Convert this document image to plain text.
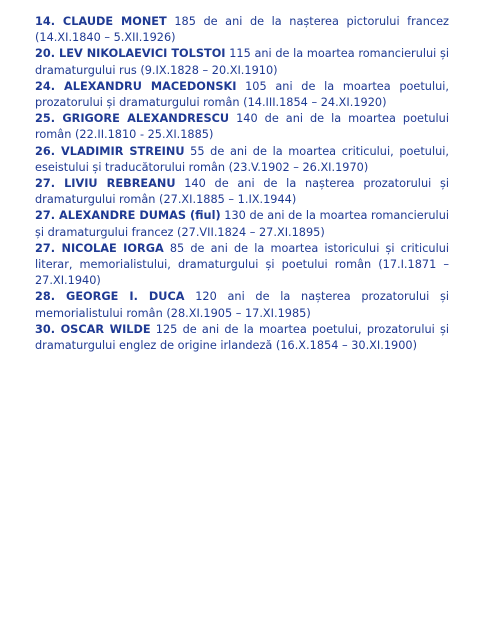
14. CLAUDE MONET 185 de ani de la nașterea pictorului francez (14.XI.1840 – 5.XII.1926)

20. LEV NIKOLAEVICI TOLSTOI 115 ani de la moartea romancierului și dramaturgului rus (9.IX.1828 – 20.XI.1910)

24. ALEXANDRU MACEDONSKI 105 ani de la moartea poetului, prozatorului și dramaturgului român (14.III.1854 – 24.XI.1920)

25. GRIGORE ALEXANDRESCU 140 de ani de la moartea poetului român (22.II.1810 - 25.XI.1885)

26. VLADIMIR STREINU 55 de ani de la moartea criticului, poetului, eseistului și traducătorului român (23.V.1902 – 26.XI.1970)

27. LIVIU REBREANU 140 de ani de la nașterea prozatorului și dramaturgului român (27.XI.1885 – 1.IX.1944)

27. ALEXANDRE DUMAS (fiul) 130 de ani de la moartea romancierului și dramaturgului francez (27.VII.1824 – 27.XI.1895)

27. NICOLAE IORGA 85 de ani de la moartea istoricului și criticului literar, memorialistului, dramaturgului și poetului român (17.I.1871 – 27.XI.1940)

28. GEORGE I. DUCA 120 ani de la nașterea prozatorului și memorialistului român (28.XI.1905 – 17.XI.1985)

30. OSCAR WILDE 125 de ani de la moartea poetului, prozatorului și dramaturgului englez de origine irlandeză (16.X.1854 – 30.XI.1900)
